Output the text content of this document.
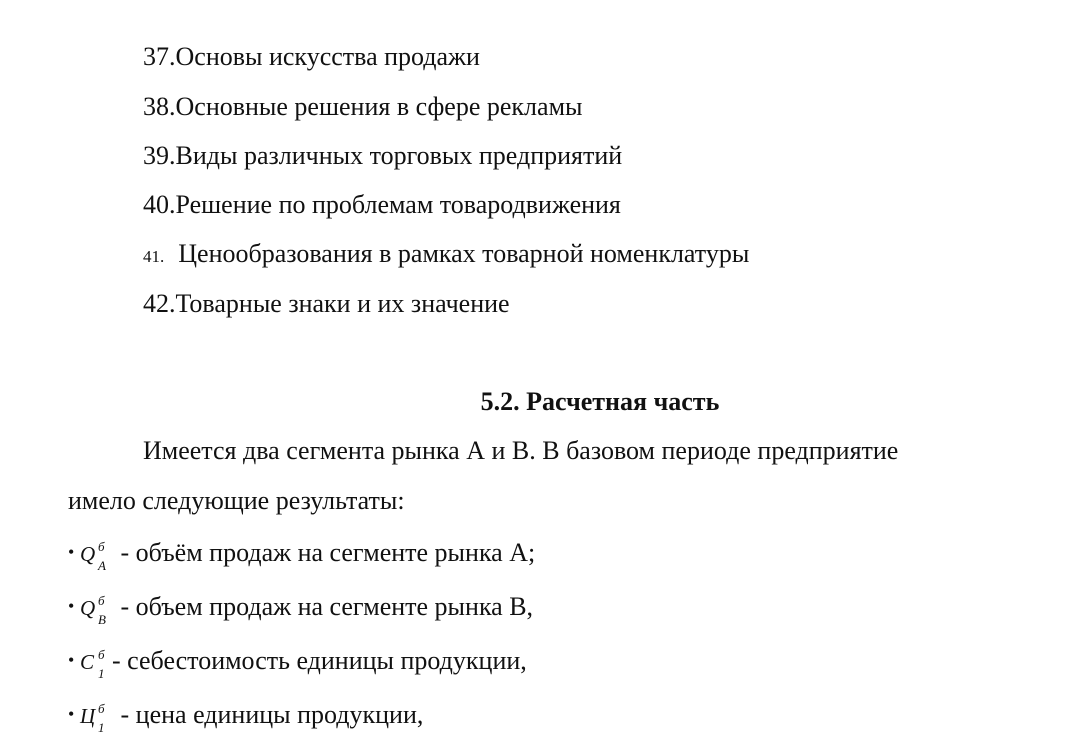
37.Основы искусства продажи
38.Основные решения в сфере рекламы
39.Виды различных торговых предприятий
40.Решение по проблемам товародвижения
41. Ценообразования в рамках товарной номенклатуры
42.Товарные знаки и их значение
5.2. Расчетная часть
Имеется два сегмента рынка А и В. В базовом периоде предприятие
имело следующие результаты:
• Q б
A - объём продаж на сегменте рынка А;
• Q б
B - объем продаж на сегменте рынка В,
• C б
1 - себестоимость единицы продукции,
• Ц б
1 - цена единицы продукции,
